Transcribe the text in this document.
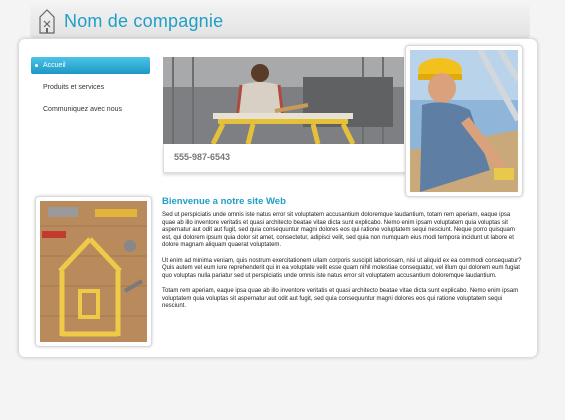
Nom de compagnie
Accueil
Produits et services
Communiquez avec nous
555-987-6543
Bienvenue a notre site Web

Sed ut perspiciatis unde omnis iste natus error sit voluptatem accusantium doloremque laudantium, totam rem aperiam, eaque ipsa quae ab illo inventore veritatis et quasi architecto beatae vitae dicta sunt explicabo. Nemo enim ipsam voluptatem quia voluptas sit aspernatur aut odit aut fugit, sed quia consequuntur magni dolores eos qui ratione voluptatem sequi nesciunt. Neque porro quisquam est, qui dolorem ipsum quia dolor sit amet, consectetur, adipisci velit, sed quia non numquam eius modi tempora incidunt ut labore et dolore magnam aliquam quaerat voluptatem.

Ut enim ad minima veniam, quis nostrum exercitationem ullam corporis suscipit laboriosam, nisi ut aliquid ex ea commodi consequatur? Quis autem vel eum iure reprehenderit qui in ea voluptate velit esse quam nihil molestiae consequatur, vel illum qui dolorem eum fugiat quo voluptas nulla pariatur sed ut perspiciatis unde omnis iste natus error sit voluptatem accusantium doloremque laudantium.

Totam rem aperiam, eaque ipsa quae ab illo inventore veritatis et quasi architecto beatae vitae dicta sunt explicabo. Nemo enim ipsam voluptatem quia voluptas sit aspernatur aut odit aut fugit, sed quia consequuntur magni dolores eos qui ratione voluptatem sequi nesciunt.
